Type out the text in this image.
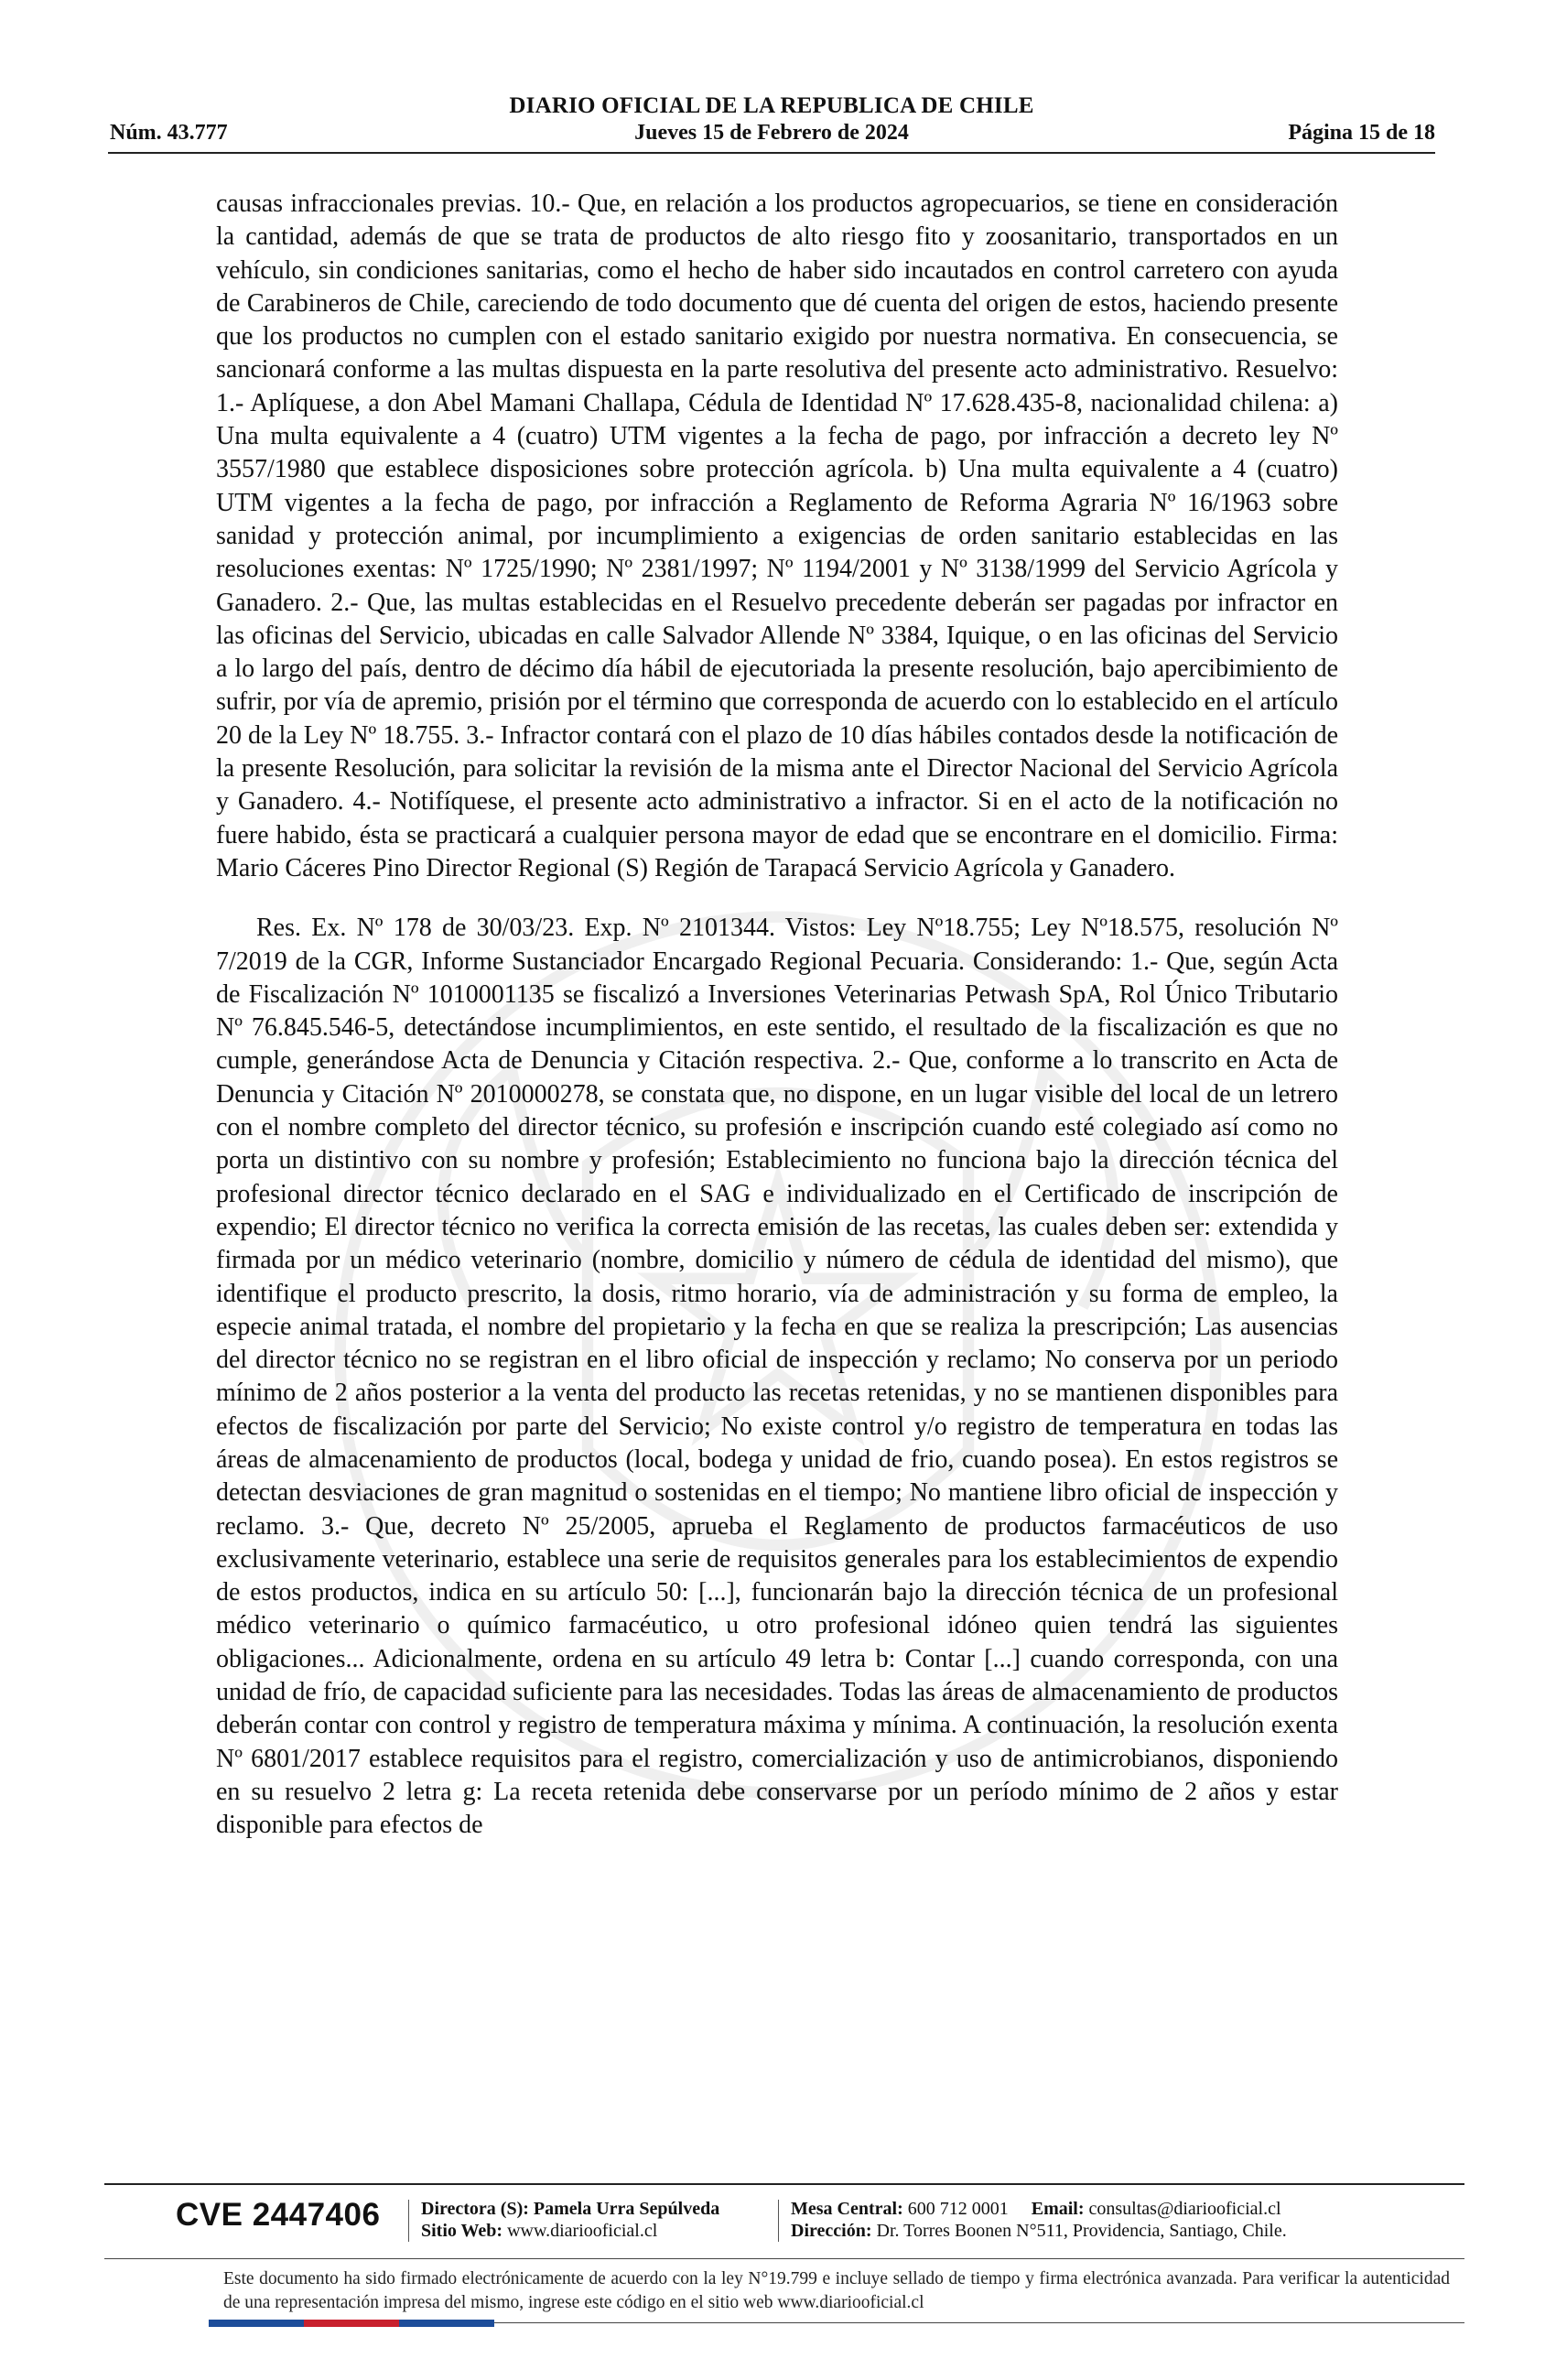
DIARIO OFICIAL DE LA REPUBLICA DE CHILE
Núm. 43.777	Jueves 15 de Febrero de 2024	Página 15 de 18

causas infraccionales previas. 10.- Que, en relación a los productos agropecuarios, se tiene en consideración la cantidad, además de que se trata de productos de alto riesgo fito y zoosanitario, transportados en un vehículo, sin condiciones sanitarias, como el hecho de haber sido incautados en control carretero con ayuda de Carabineros de Chile, careciendo de todo documento que dé cuenta del origen de estos, haciendo presente que los productos no cumplen con el estado sanitario exigido por nuestra normativa. En consecuencia, se sancionará conforme a las multas dispuesta en la parte resolutiva del presente acto administrativo. Resuelvo: 1.- Aplíquese, a don Abel Mamani Challapa, Cédula de Identidad Nº 17.628.435-8, nacionalidad chilena: a) Una multa equivalente a 4 (cuatro) UTM vigentes a la fecha de pago, por infracción a decreto ley Nº 3557/1980 que establece disposiciones sobre protección agrícola. b) Una multa equivalente a 4 (cuatro) UTM vigentes a la fecha de pago, por infracción a Reglamento de Reforma Agraria Nº 16/1963 sobre sanidad y protección animal, por incumplimiento a exigencias de orden sanitario establecidas en las resoluciones exentas: Nº 1725/1990; Nº 2381/1997; Nº 1194/2001 y Nº 3138/1999 del Servicio Agrícola y Ganadero. 2.- Que, las multas establecidas en el Resuelvo precedente deberán ser pagadas por infractor en las oficinas del Servicio, ubicadas en calle Salvador Allende Nº 3384, Iquique, o en las oficinas del Servicio a lo largo del país, dentro de décimo día hábil de ejecutoriada la presente resolución, bajo apercibimiento de sufrir, por vía de apremio, prisión por el término que corresponda de acuerdo con lo establecido en el artículo 20 de la Ley Nº 18.755. 3.- Infractor contará con el plazo de 10 días hábiles contados desde la notificación de la presente Resolución, para solicitar la revisión de la misma ante el Director Nacional del Servicio Agrícola y Ganadero. 4.- Notifíquese, el presente acto administrativo a infractor. Si en el acto de la notificación no fuere habido, ésta se practicará a cualquier persona mayor de edad que se encontrare en el domicilio. Firma: Mario Cáceres Pino Director Regional (S) Región de Tarapacá Servicio Agrícola y Ganadero.

Res. Ex. Nº 178 de 30/03/23. Exp. Nº 2101344. Vistos: Ley Nº18.755; Ley Nº18.575, resolución Nº 7/2019 de la CGR, Informe Sustanciador Encargado Regional Pecuaria. Considerando: 1.- Que, según Acta de Fiscalización Nº 1010001135 se fiscalizó a Inversiones Veterinarias Petwash SpA, Rol Único Tributario Nº 76.845.546-5, detectándose incumplimientos, en este sentido, el resultado de la fiscalización es que no cumple, generándose Acta de Denuncia y Citación respectiva. 2.- Que, conforme a lo transcrito en Acta de Denuncia y Citación Nº 2010000278, se constata que, no dispone, en un lugar visible del local de un letrero con el nombre completo del director técnico, su profesión e inscripción cuando esté colegiado así como no porta un distintivo con su nombre y profesión; Establecimiento no funciona bajo la dirección técnica del profesional director técnico declarado en el SAG e individualizado en el Certificado de inscripción de expendio; El director técnico no verifica la correcta emisión de las recetas, las cuales deben ser: extendida y firmada por un médico veterinario (nombre, domicilio y número de cédula de identidad del mismo), que identifique el producto prescrito, la dosis, ritmo horario, vía de administración y su forma de empleo, la especie animal tratada, el nombre del propietario y la fecha en que se realiza la prescripción; Las ausencias del director técnico no se registran en el libro oficial de inspección y reclamo; No conserva por un periodo mínimo de 2 años posterior a la venta del producto las recetas retenidas, y no se mantienen disponibles para efectos de fiscalización por parte del Servicio; No existe control y/o registro de temperatura en todas las áreas de almacenamiento de productos (local, bodega y unidad de frio, cuando posea). En estos registros se detectan desviaciones de gran magnitud o sostenidas en el tiempo; No mantiene libro oficial de inspección y reclamo. 3.- Que, decreto Nº 25/2005, aprueba el Reglamento de productos farmacéuticos de uso exclusivamente veterinario, establece una serie de requisitos generales para los establecimientos de expendio de estos productos, indica en su artículo 50: [...], funcionarán bajo la dirección técnica de un profesional médico veterinario o químico farmacéutico, u otro profesional idóneo quien tendrá las siguientes obligaciones... Adicionalmente, ordena en su artículo 49 letra b: Contar [...] cuando corresponda, con una unidad de frío, de capacidad suficiente para las necesidades. Todas las áreas de almacenamiento de productos deberán contar con control y registro de temperatura máxima y mínima. A continuación, la resolución exenta Nº 6801/2017 establece requisitos para el registro, comercialización y uso de antimicrobianos, disponiendo en su resuelvo 2 letra g: La receta retenida debe conservarse por un período mínimo de 2 años y estar disponible para efectos de

CVE 2447406 Directora (S): Pamela Urra Sepúlveda
Sitio Web: www.diariooficial.cl
Mesa Central: 600 712 0001 Email: consultas@diariooficial.cl
Dirección: Dr. Torres Boonen N°511, Providencia, Santiago, Chile.
Este documento ha sido firmado electrónicamente de acuerdo con la ley N°19.799 e incluye sellado de tiempo y firma electrónica avanzada. Para verificar la autenticidad de una representación impresa del mismo, ingrese este código en el sitio web www.diariooficial.cl
